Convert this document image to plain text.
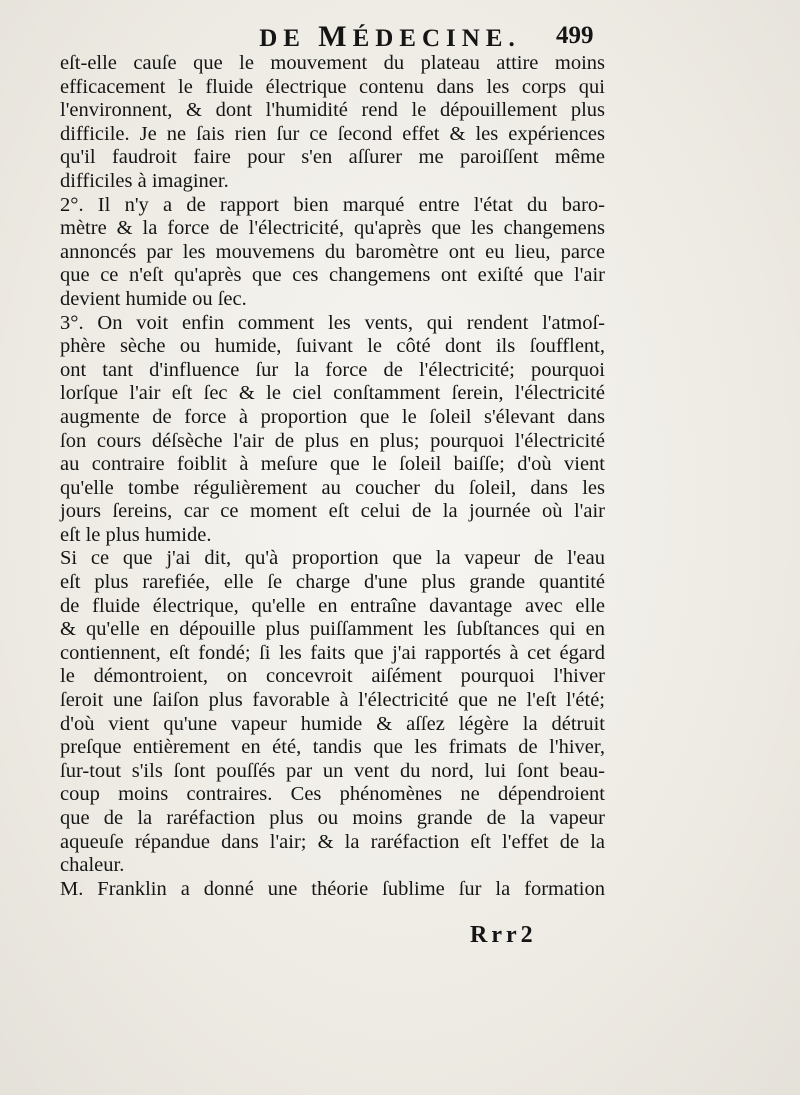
DE MÉDECINE.	499
eſt-elle cauſe que le mouvement du plateau attire moins
efficacement le fluide électrique contenu dans les corps qui
l'environnent, & dont l'humidité rend le dépouillement plus
difficile. Je ne ſais rien ſur ce ſecond effet & les expériences
qu'il faudroit faire pour s'en aſſurer me paroiſſent même
difficiles à imaginer.
2°. Il n'y a de rapport bien marqué entre l'état du baro-
mètre & la force de l'électricité, qu'après que les changemens
annoncés par les mouvemens du baromètre ont eu lieu, parce
que ce n'eſt qu'après que ces changemens ont exiſté que l'air
devient humide ou ſec.
3°. On voit enfin comment les vents, qui rendent l'atmoſ-
phère sèche ou humide, ſuivant le côté dont ils ſoufflent,
ont tant d'influence ſur la force de l'électricité; pourquoi
lorſque l'air eſt ſec & le ciel conſtamment ſerein, l'électricité
augmente de force à proportion que le ſoleil s'élevant dans
ſon cours déſsèche l'air de plus en plus; pourquoi l'électricité
au contraire foiblit à meſure que le ſoleil baiſſe; d'où vient
qu'elle tombe régulièrement au coucher du ſoleil, dans les
jours ſereins, car ce moment eſt celui de la journée où l'air
eſt le plus humide.
Si ce que j'ai dit, qu'à proportion que la vapeur de l'eau
eſt plus rarefiée, elle ſe charge d'une plus grande quantité
de fluide électrique, qu'elle en entraîne davantage avec elle
& qu'elle en dépouille plus puiſſamment les ſubſtances qui en
contiennent, eſt fondé; ſi les faits que j'ai rapportés à cet égard
le démontroient, on concevroit aiſément pourquoi l'hiver
ſeroit une ſaiſon plus favorable à l'électricité que ne l'eſt l'été;
d'où vient qu'une vapeur humide & aſſez légère la détruit
preſque entièrement en été, tandis que les frimats de l'hiver,
ſur-tout s'ils ſont pouſſés par un vent du nord, lui ſont beau-
coup moins contraires. Ces phénomènes ne dépendroient
que de la raréfaction plus ou moins grande de la vapeur
aqueuſe répandue dans l'air; & la raréfaction eſt l'effet de la
chaleur.
M. Franklin a donné une théorie ſublime ſur la formation
Rrr2
